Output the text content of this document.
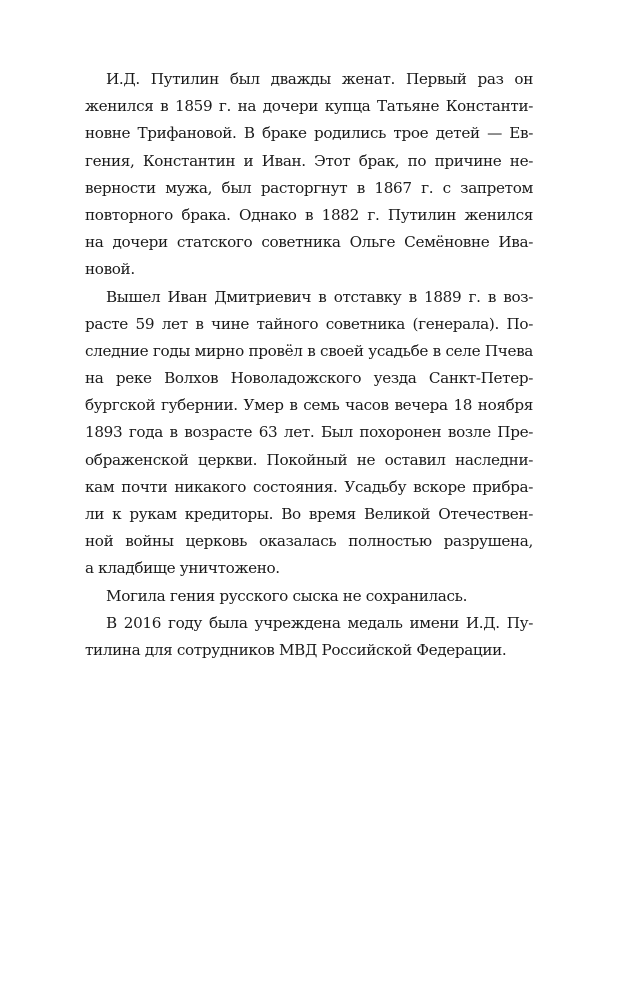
И.Д. Путилин был дважды женат. Первый раз он
женился в 1859 г. на дочери купца Татьяне Константи-
новне Трифановой. В браке родились трое детей — Ев-
гения, Константин и Иван. Этот брак, по причине не-
верности мужа, был расторгнут в 1867 г. с запретом
повторного брака. Однако в 1882 г. Путилин женился
на дочери статского советника Ольге Семёновне Ива-
новой.
Вышел Иван Дмитриевич в отставку в 1889 г. в воз-
расте 59 лет в чине тайного советника (генерала). По-
следние годы мирно провёл в своей усадьбе в селе Пчева
на реке Волхов Новоладожского уезда Санкт-Петер-
бургской губернии. Умер в семь часов вечера 18 ноября
1893 года в возрасте 63 лет. Был похоронен возле Пре-
ображенской церкви. Покойный не оставил наследни-
кам почти никакого состояния. Усадьбу вскоре прибра-
ли к рукам кредиторы. Во время Великой Отечествен-
ной войны церковь оказалась полностью разрушена,
а кладбище уничтожено.
Могила гения русского сыска не сохранилась.
В 2016 году была учреждена медаль имени И.Д. Пу-
тилина для сотрудников МВД Российской Федерации.
